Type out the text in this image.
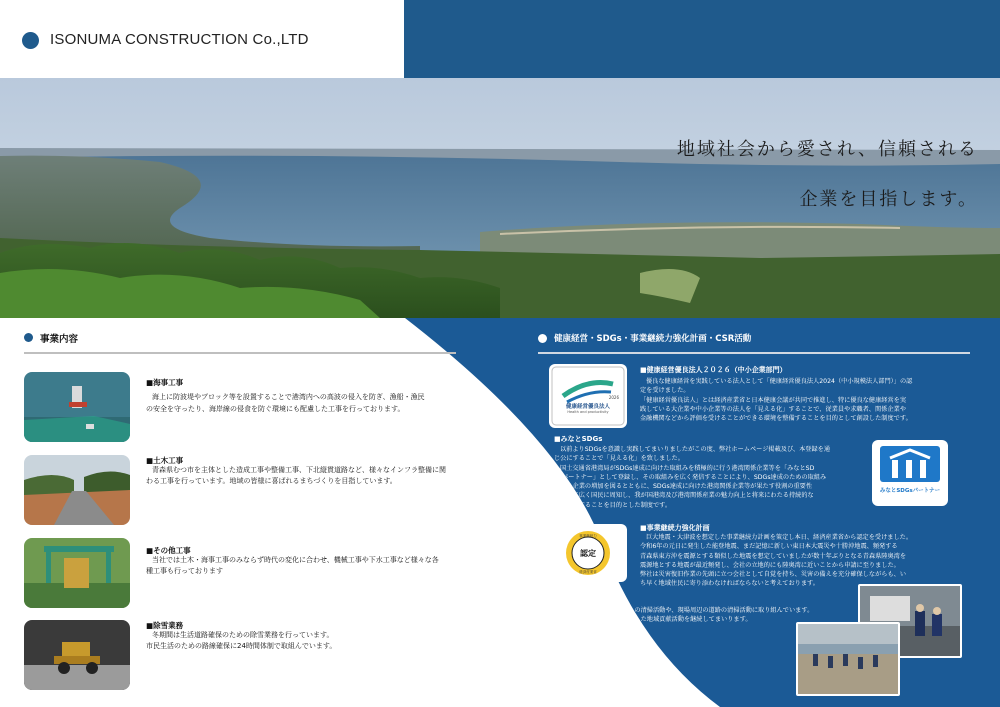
ISONUMA CONSTRUCTION Co.,LTD
地域社会から愛され、信頼される
企業を目指します。
事業内容
■海事工事
海上に防波堤やブロック等を設置することで港湾内への高波の侵入を防ぎ、漁船・漁民
の安全を守ったり、海岸線の侵食を防ぐ環境にも配慮した工事を行っております。
■土木工事
青森県むつ市を主体とした造成工事や整備工事、下北縦貫道路など、様々なインフラ整備に関
わる工事を行っています。地域の皆様に喜ばれるまちづくりを目指しています。
■その他工事
当社では土木・海事工事のみならず時代の変化に合わせ、機械工事や下水工事など様々な各
種工事も行っております
■除雪業務
冬期間は生活道路確保のための除雪業務を行っています。
市民生活のための路線確保に24時間体制で取組んでいます。
健康経営・SDGs・事業継続力強化計画・CSR活動
健康経営優良法人
2026
Health and productivity
■健康経営優良法人２０２６（中小企業部門）
優良な健康経営を実践している法人として「健康経営優良法人2024（中小規模法人部門）」の認
定を受けました。
「健康経営優良法人」とは経済産業省と日本健康会議が共同で推進し、特に優良な健康経営を実
践している大企業や中小企業等の法人を「見える化」することで、従業員や求職者、関係企業や
金融機関などから評価を受けることができる環境を整備することを目的として創設した制度です。
■みなとSDGs
以前よりSDGsを意識し実践してまいりましたがこの度、弊社ホームページ掲載及び、本登録を通
じ公にすることで「見える化」を致しました。
国土交通省港湾局がSDGs達成に向けた取組みを積極的に行う港湾関係企業等を「みなとSD
Gsパートナー」として登録し、その取組みを広く発信することにより、SDGs達成のための取組み
を行う企業の増加を図るとともに、SDGs達成に向けた港湾関係企業等が果たす役割の重要性
について広く国民に周知し、我が国港湾及び港湾関係産業の魅力向上と将来にわたる持続的な
発展に資することを目的とした制度です。
みなとSDGsパートナー
事業継続力
認定
経済産業省
■事業継続力強化計画
巨大地震・大津波を想定した事業継続力計画を策定し本日、経済産業省から認定を受けました。
令和6年の元日に発生した能登地震、まだ記憶に新しい東日本大震災や十勝沖地震、頻発する
青森県東方沖を震源とする類似した地震を想定していましたが数十年ぶりとなる青森県陸奥湾を
震源地とする地震が最近頻発し、会社の立地的にも陸奥湾に近いことから申請に至りました。
弊社は災害復旧作業の先頭に立つ会社として自覚を持ち、災害の備えを充分確保しながらも、い
ち早く地域住民に寄り添わなければならないと考えております。
■CSR活動
『青森県水辺のサポーター』の清掃活動や、現場周辺の道路の清掃活動に取り組んでいます。
これからも、地域社会に密着した地域貢献活動を継続してまいります。
